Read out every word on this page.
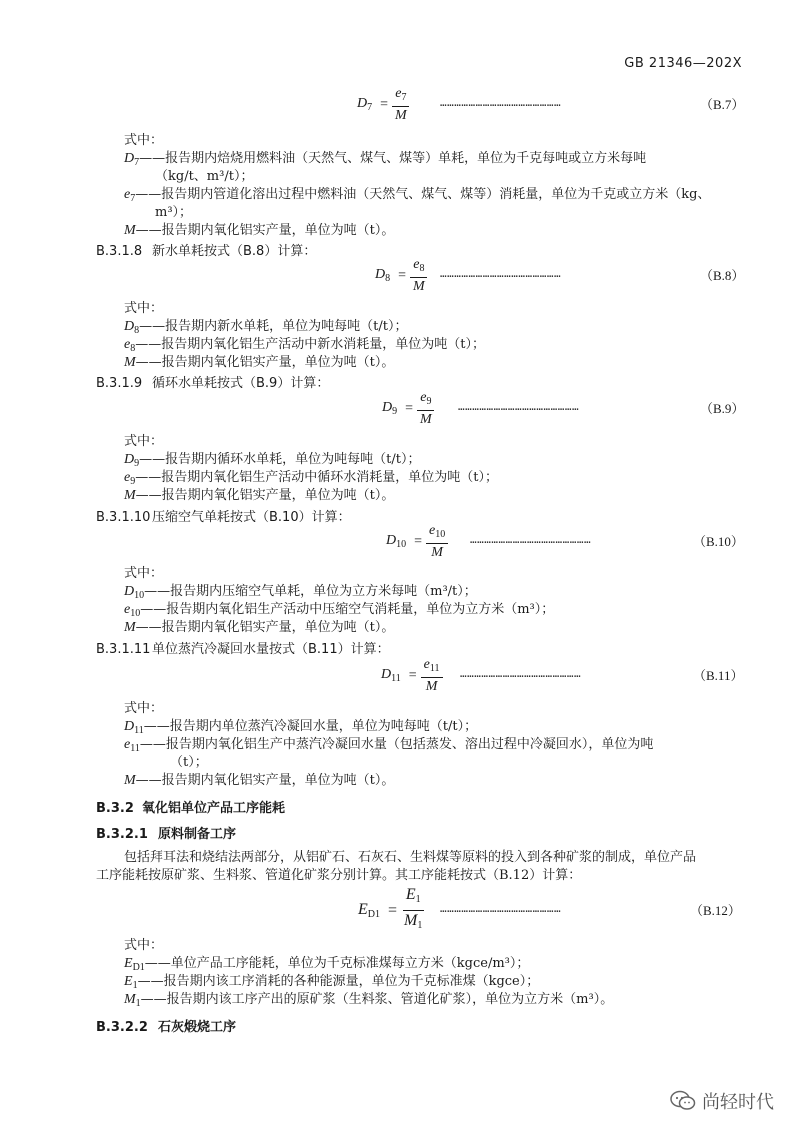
GB 21346—202X
$D_7 = \frac{e_7}{M}$	……………………………………………	（B.7）
式中：
$D_7——$报告期内焙烧用燃料油（天然气、煤气、煤等）单耗，单位为千克每吨或立方米每吨
（kg/t、m³/t）；
$e_7——$报告期内管道化溶出过程中燃料油（天然气、煤气、煤等）消耗量，单位为千克或立方米（kg、
m³）；
M——报告期内氧化铝实产量，单位为吨（t）。
B.3.1.8 新水单耗按式（B.8）计算：
$D_8 = \frac{e_8}{M}$ ……………………………………………	（B.8）
式中：
$D_8——$报告期内新水单耗，单位为吨每吨（t/t）；
$e_8——$报告期内氧化铝生产活动中新水消耗量，单位为吨（t）；
M——报告期内氧化铝实产量，单位为吨（t）。
B.3.1.9 循环水单耗按式（B.9）计算：
$D_9 = \frac{e_9}{M}$ ……………………………………………	（B.9）
式中：
$D_9——$报告期内循环水单耗，单位为吨每吨（t/t）；
$e_9——$报告期内氧化铝生产活动中循环水消耗量，单位为吨（t）；
M——报告期内氧化铝实产量，单位为吨（t）。
B.3.1.10 压缩空气单耗按式（B.10）计算：
$D_{10} = \frac{e_{10}}{M}$ ……………………………………………	（B.10）
式中：
$D_{10}——$报告期内压缩空气单耗，单位为立方米每吨（m³/t）；
$e_{10}——$报告期内氧化铝生产活动中压缩空气消耗量，单位为立方米（m³）；
M——报告期内氧化铝实产量，单位为吨（t）。
B.3.1.11 单位蒸汽冷凝回水量按式（B.11）计算：
$D_{11} = \frac{e_{11}}{M}$ ……………………………………………	（B.11）
式中：
$D_{11}——$报告期内单位蒸汽冷凝回水量，单位为吨每吨（t/t）；
$e_{11}——$报告期内氧化铝生产中蒸汽冷凝回水量（包括蒸发、溶出过程中冷凝回水），单位为吨
（t）；
M——报告期内氧化铝实产量，单位为吨（t）。
B.3.2 氧化铝单位产品工序能耗
B.3.2.1 原料制备工序
包括拜耳法和烧结法两部分，从铝矿石、石灰石、生料煤等原料的投入到各种矿浆的制成，单位产品
工序能耗按原矿浆、生料浆、管道化矿浆分别计算。其工序能耗按式（B.12）计算：
$E_{D1} = \frac{E_1}{M_1}$ ……………………………………………	（B.12）
式中：
$E_{D1}——$单位产品工序能耗，单位为千克标准煤每立方米（kgce/m³）；
$E_1——$报告期内该工序消耗的各种能源量，单位为千克标准煤（kgce）；
$M_1——$报告期内该工序产出的原矿浆（生料浆、管道化矿浆），单位为立方米（m³）。
B.3.2.2 石灰煅烧工序
尚轻时代
